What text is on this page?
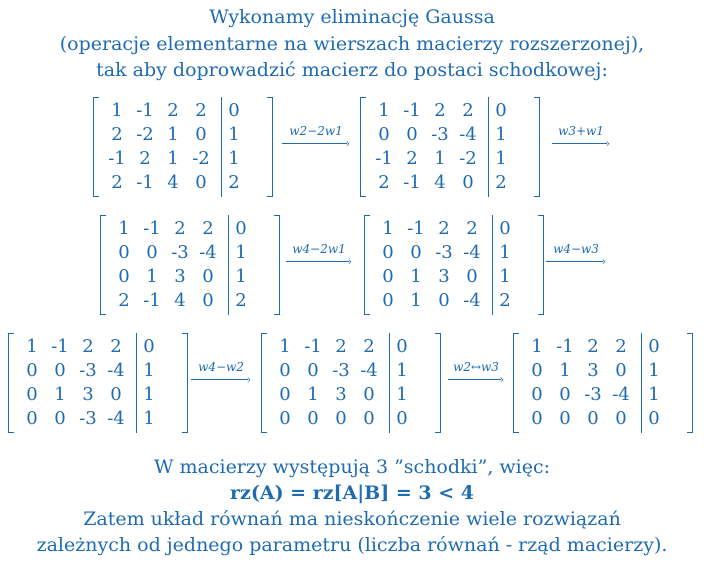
Wykonamy eliminację Gaussa
(operacje elementarne na wierszach macierzy rozszerzonej),
tak aby doprowadzić macierz do postaci schodkowej:
1 -1 2 2	0
2 -2 1 0	1
-1 2 1 -2	1
2 -1 4 0	2
1 -1 2 2	0
0 0 -3 -4	1
-1 2 1 -2	1
2 -1 4 0	2
1 -1 2 2	0
0 0 -3 -4	1
0 1 3 0	1
2 -1 4 0	2
1 -1 2 2	0
0 0 -3 -4	1
0 1 3 0	1
0 1 0 -4	2
1 -1 2 2	0
0 0 -3 -4	1
0 1 3 0	1
0 0 -3 -4	1
1 -1 2 2	0
0 0 -3 -4	1
0 1 3 0	1
0 0 0 0	0
1 -1 2 2	0
0 1 3 0	1
0 0 -3 -4	1
0 0 0 0	0
w2−2w1
›
w3+w1
›
w4−2w1
›
w4−w3
›
w4−w2
›
w2↔w3
›
W macierzy występują 3 ”schodki”, więc:
rz(A) = rz[A|B] = 3 < 4
Zatem układ równań ma nieskończenie wiele rozwiązań
zależnych od jednego parametru (liczba równań - rząd macierzy).
